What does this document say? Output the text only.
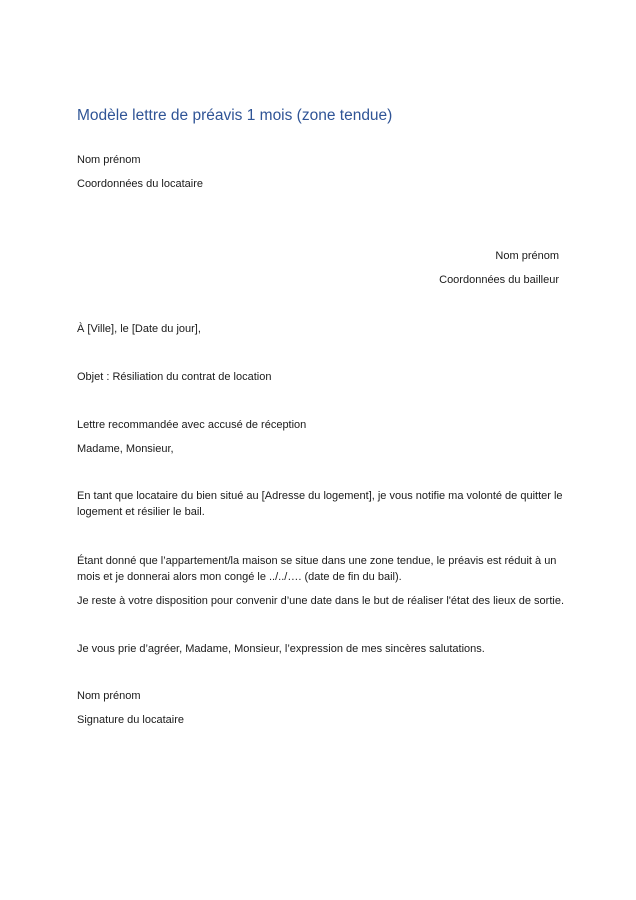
Modèle lettre de préavis 1 mois (zone tendue)
Nom prénom
Coordonnées du locataire
Nom prénom
Coordonnées du bailleur
À [Ville], le [Date du jour],
Objet : Résiliation du contrat de location
Lettre recommandée avec accusé de réception
Madame, Monsieur,
En tant que locataire du bien situé au [Adresse du logement], je vous notifie ma volonté de quitter le
logement et résilier le bail.
Étant donné que l’appartement/la maison se situe dans une zone tendue, le préavis est réduit à un
mois et je donnerai alors mon congé le ../../…. (date de fin du bail).
Je reste à votre disposition pour convenir d’une date dans le but de réaliser l'état des lieux de sortie.
Je vous prie d’agréer, Madame, Monsieur, l’expression de mes sincères salutations.
Nom prénom
Signature du locataire
